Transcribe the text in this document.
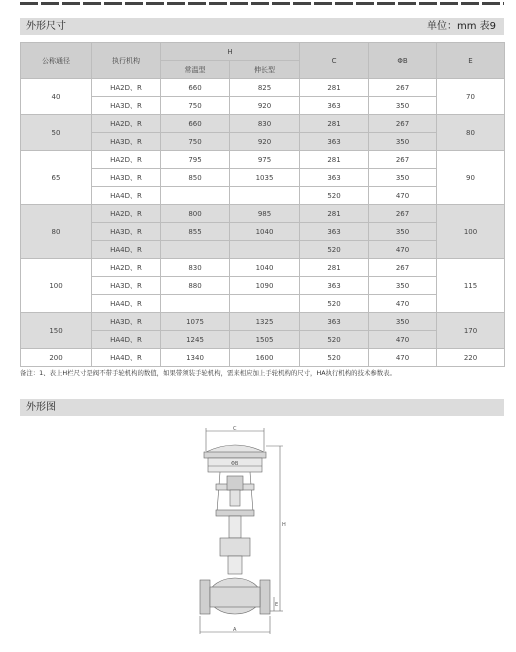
外形尺寸	单位：mm 表9
公称通径	执行机构	H		C	ΦB	E
		常温型	伸长型			
40	HA2D、R	660	825	281	267	70
	HA3D、R	750	920	363	350	
50	HA2D、R	660	830	281	267	80
	HA3D、R	750	920	363	350	
65	HA2D、R	795	975	281	267	90
	HA3D、R	850	1035	363	350	
	HA4D、R			520	470	
80	HA2D、R	800	985	281	267	100
	HA3D、R	855	1040	363	350	
	HA4D、R			520	470	
100	HA2D、R	830	1040	281	267	115
	HA3D、R	880	1090	363	350	
	HA4D、R			520	470	
150	HA3D、R	1075	1325	363	350	170
	HA4D、R	1245	1505	520	470	
200	HA4D、R	1340	1600	520	470	220
备注：1、表上H栏尺寸是阀不带手轮机构的数值，如果带须装手轮机构，需来相应加上手轮机构的尺寸，HA执行机构的技术参数表。
外形图
C
ΦB
H
E
A
